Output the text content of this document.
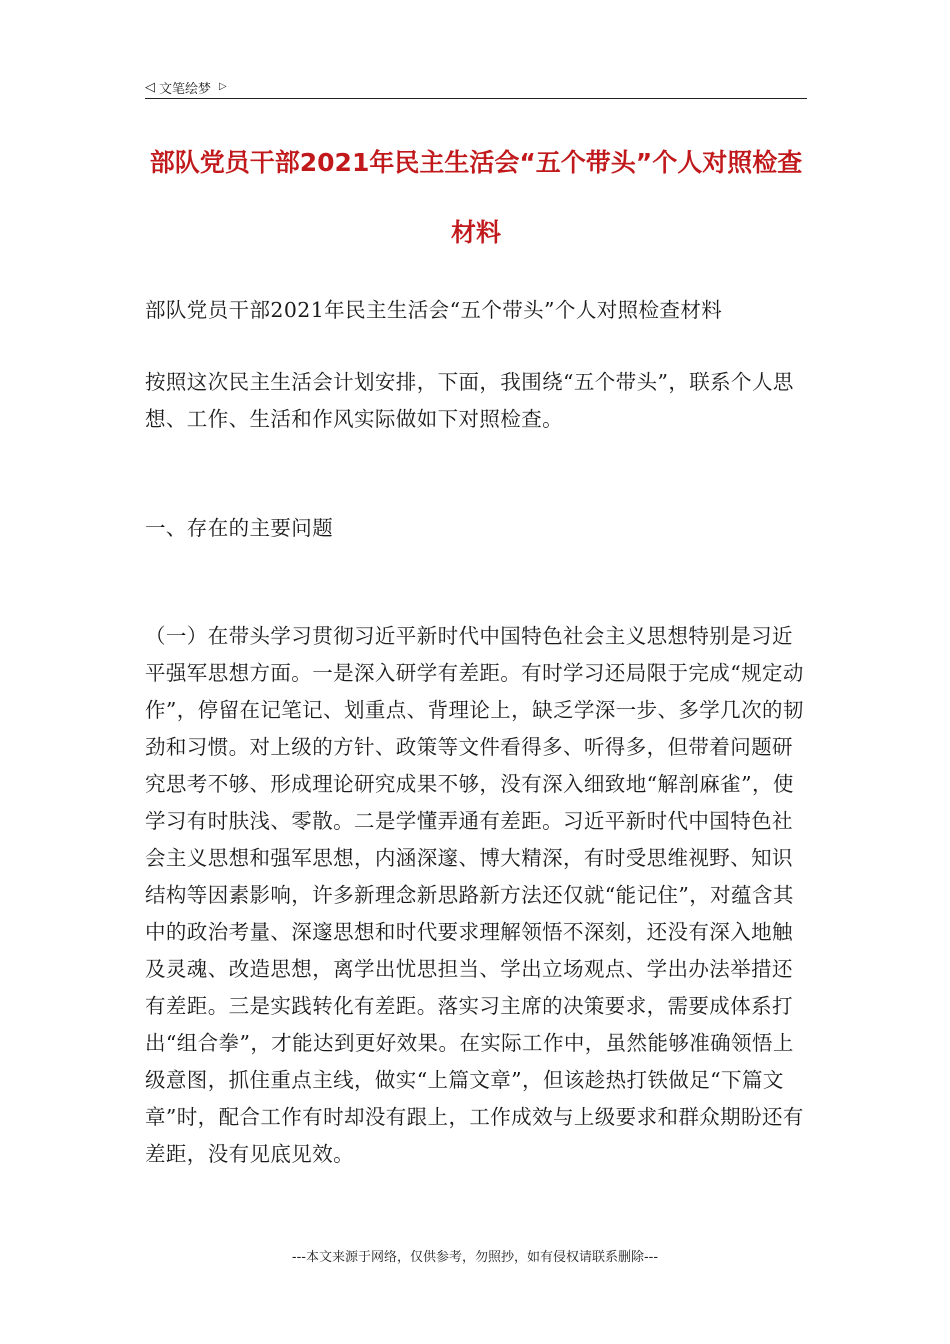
◁ 文笔绘梦 ▷
部队党员干部2021年民主生活会“五个带头”个人对照检查材料

部队党员干部2021年民主生活会“五个带头”个人对照检查材料

按照这次民主生活会计划安排，下面，我围绕“五个带头”，联系个人思想、工作、生活和作风实际做如下对照检查。

一、存在的主要问题

（一）在带头学习贯彻习近平新时代中国特色社会主义思想特别是习近平强军思想方面。一是深入研学有差距。有时学习还局限于完成“规定动作”，停留在记笔记、划重点、背理论上，缺乏学深一步、多学几次的韧劲和习惯。对上级的方针、政策等文件看得多、听得多，但带着问题研究思考不够、形成理论研究成果不够，没有深入细致地“解剖麻雀”，使学习有时肤浅、零散。二是学懂弄通有差距。习近平新时代中国特色社会主义思想和强军思想，内涵深邃、博大精深，有时受思维视野、知识结构等因素影响，许多新理念新思路新方法还仅就“能记住”，对蕴含其中的政治考量、深邃思想和时代要求理解领悟不深刻，还没有深入地触及灵魂、改造思想，离学出忧思担当、学出立场观点、学出办法举措还有差距。三是实践转化有差距。落实习主席的决策要求，需要成体系打出“组合拳”，才能达到更好效果。在实际工作中，虽然能够准确领悟上级意图，抓住重点主线，做实“上篇文章”，但该趁热打铁做足“下篇文章”时，配合工作有时却没有跟上，工作成效与上级要求和群众期盼还有差距，没有见底见效。

---本文来源于网络，仅供参考，勿照抄，如有侵权请联系删除---
